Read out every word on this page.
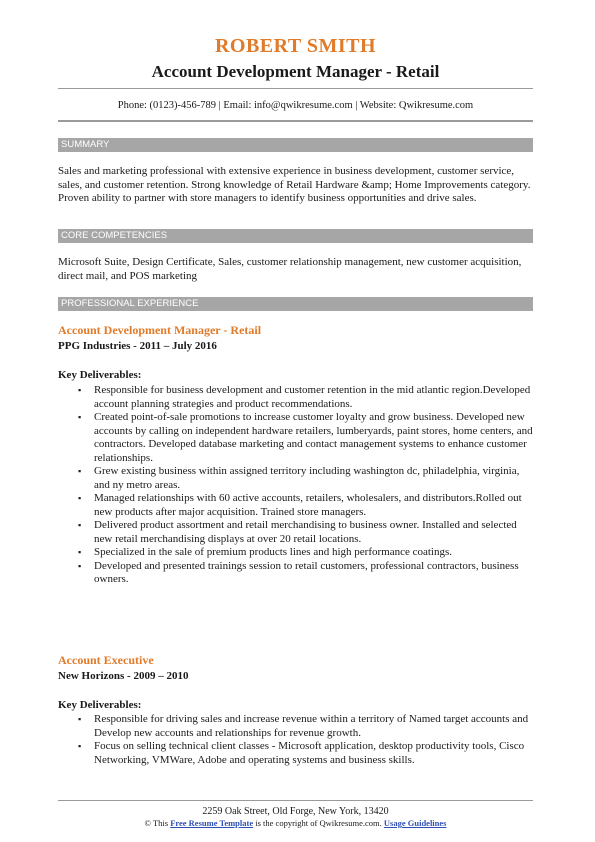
ROBERT SMITH
Account Development Manager - Retail
Phone: (0123)-456-789 | Email: info@qwikresume.com | Website: Qwikresume.com
SUMMARY
Sales and marketing professional with extensive experience in business development, customer service, sales, and customer retention. Strong knowledge of Retail Hardware &amp; Home Improvements category. Proven ability to partner with store managers to identify business opportunities and drive sales.
CORE COMPETENCIES
Microsoft Suite, Design Certificate, Sales, customer relationship management, new customer acquisition, direct mail, and POS marketing
PROFESSIONAL EXPERIENCE
Account Development Manager - Retail
PPG Industries - 2011 – July 2016
Key Deliverables:
▪ Responsible for business development and customer retention in the mid atlantic region.Developed account planning strategies and product recommendations.
▪ Created point-of-sale promotions to increase customer loyalty and grow business. Developed new accounts by calling on independent hardware retailers, lumberyards, paint stores, home centers, and contractors. Developed database marketing and contact management systems to enhance customer relationships.
▪ Grew existing business within assigned territory including washington dc, philadelphia, virginia, and ny metro areas.
▪ Managed relationships with 60 active accounts, retailers, wholesalers, and distributors.Rolled out new products after major acquisition. Trained store managers.
▪ Delivered product assortment and retail merchandising to business owner. Installed and selected new retail merchandising displays at over 20 retail locations.
▪ Specialized in the sale of premium products lines and high performance coatings.
▪ Developed and presented trainings session to retail customers, professional contractors, business owners.
Account Executive
New Horizons - 2009 – 2010
Key Deliverables:
▪ Responsible for driving sales and increase revenue within a territory of Named target accounts and Develop new accounts and relationships for revenue growth.
▪ Focus on selling technical client classes - Microsoft application, desktop productivity tools, Cisco Networking, VMWare, Adobe and operating systems and business skills.
2259 Oak Street, Old Forge, New York, 13420
© This Free Resume Template is the copyright of Qwikresume.com. Usage Guidelines
